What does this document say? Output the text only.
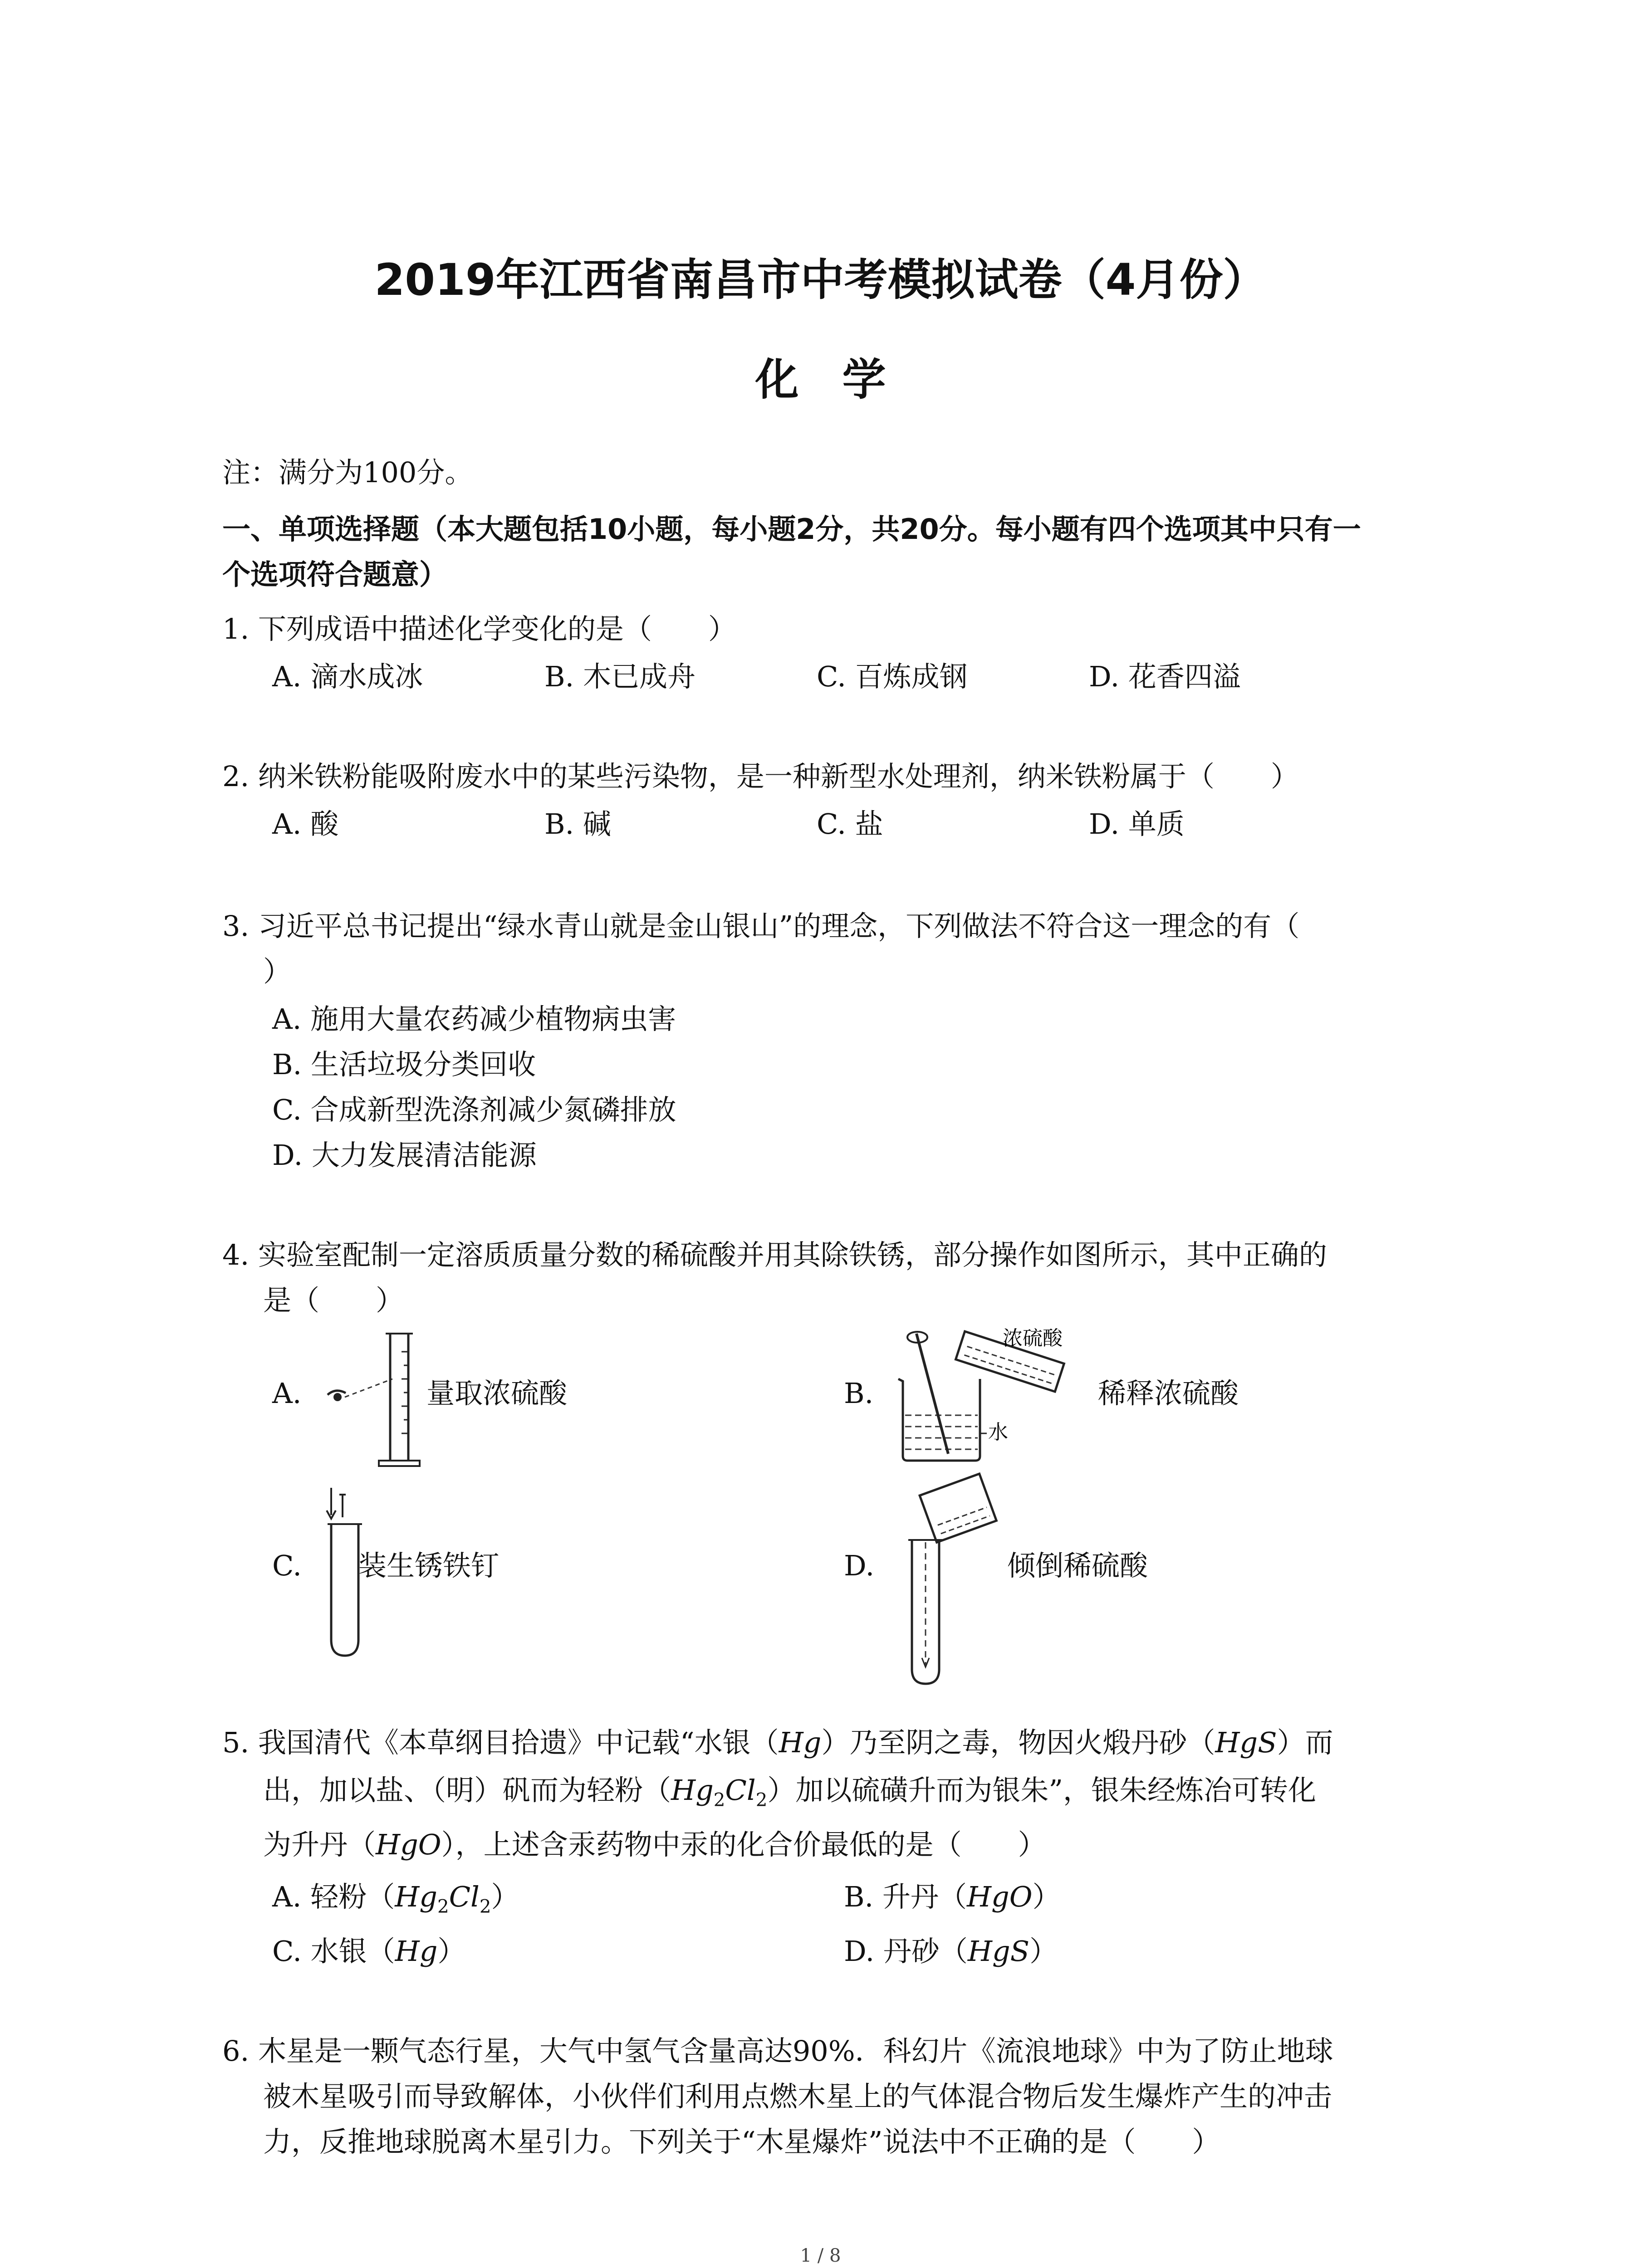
2019年江西省南昌市中考模拟试卷（4月份）
化　学
注：满分为100分。
一、单项选择题（本大题包括10小题，每小题2分，共20分。每小题有四个选项其中只有一
个选项符合题意）
1. 下列成语中描述化学变化的是（　　）
A. 滴水成冰	B. 木已成舟	C. 百炼成钢	D. 花香四溢
2. 纳米铁粉能吸附废水中的某些污染物，是一种新型水处理剂，纳米铁粉属于（　　）
A. 酸	B. 碱	C. 盐	D. 单质
3. 习近平总书记提出“绿水青山就是金山银山”的理念，下列做法不符合这一理念的有（
）
A. 施用大量农药减少植物病虫害
B. 生活垃圾分类回收
C. 合成新型洗涤剂减少氮磷排放
D. 大力发展清洁能源
4. 实验室配制一定溶质质量分数的稀硫酸并用其除铁锈，部分操作如图所示，其中正确的
是（　　）
A.	量取浓硫酸	B.
水
浓硫酸
稀释浓硫酸
C. 装生锈铁钉	D.	倾倒稀硫酸
5. 我国清代《本草纲目拾遗》中记载“水银（Hg）乃至阴之毒，物因火煅丹砂（HgS）而
出，加以盐、（明）矾而为轻粉$(Hg_2Cl_2)$加以硫磺升而为银朱”，银朱经炼冶可转化
为升丹（HgO），上述含汞药物中汞的化合价最低的是（　　）
A. 轻粉$(Hg_2Cl_2)$	B. 升丹（HgO）
C. 水银（Hg）	D. 丹砂（HgS）
6. 木星是一颗气态行星，大气中氢气含量高达90%．科幻片《流浪地球》中为了防止地球
被木星吸引而导致解体，小伙伴们利用点燃木星上的气体混合物后发生爆炸产生的冲击
力，反推地球脱离木星引力。下列关于“木星爆炸”说法中不正确的是（　　）
1 / 8
